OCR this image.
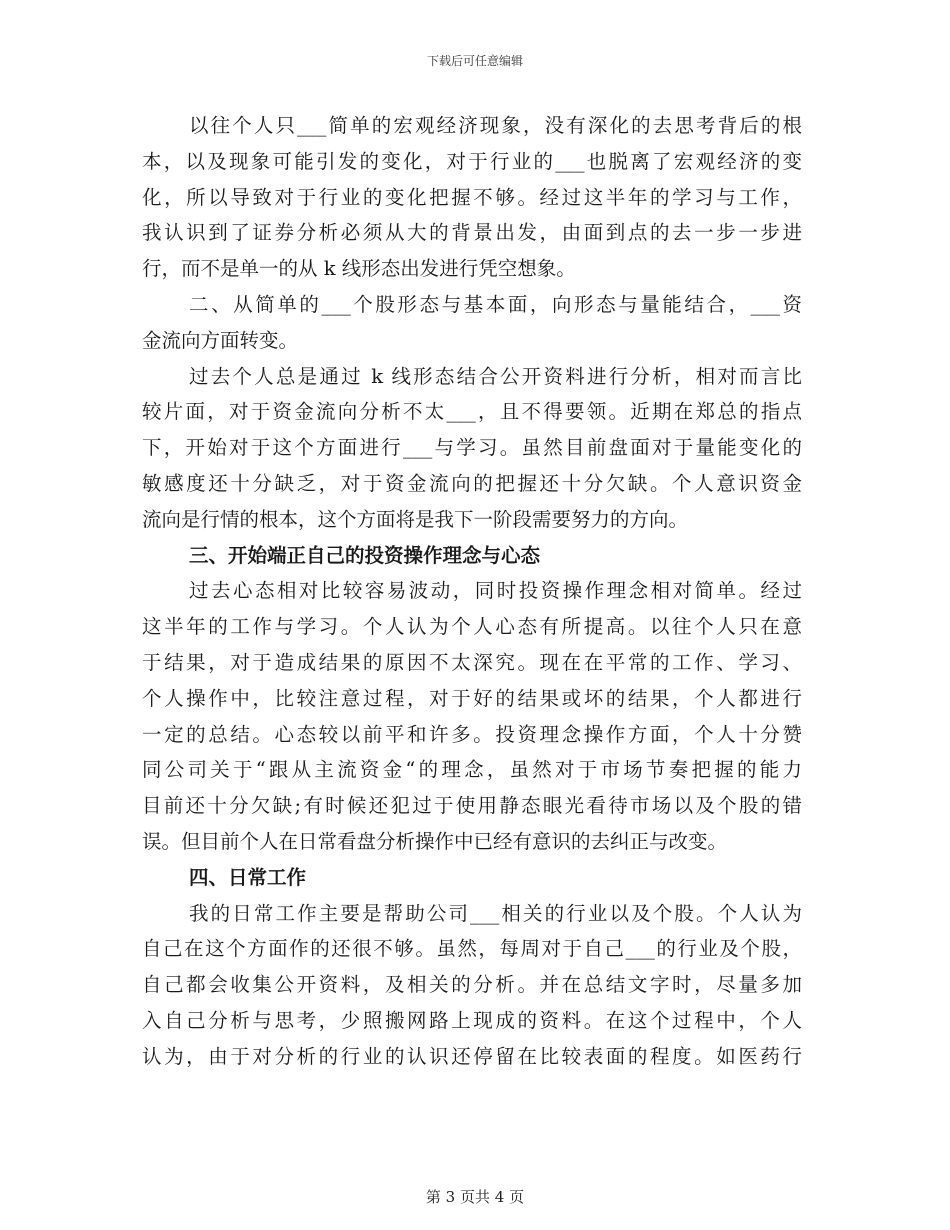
下载后可任意编辑
以往个人只___简单的宏观经济现象，没有深化的去思考背后的根
本，以及现象可能引发的变化，对于行业的___也脱离了宏观经济的变
化，所以导致对于行业的变化把握不够。经过这半年的学习与工作，
我认识到了证券分析必须从大的背景出发，由面到点的去一步一步进
行，而不是单一的从 k 线形态出发进行凭空想象。
二、从简单的___个股形态与基本面，向形态与量能结合，___资
金流向方面转变。
过去个人总是通过 k 线形态结合公开资料进行分析，相对而言比
较片面，对于资金流向分析不太___，且不得要领。近期在郑总的指点
下，开始对于这个方面进行___与学习。虽然目前盘面对于量能变化的
敏感度还十分缺乏，对于资金流向的把握还十分欠缺。个人意识资金
流向是行情的根本，这个方面将是我下一阶段需要努力的方向。
三、开始端正自己的投资操作理念与心态
过去心态相对比较容易波动，同时投资操作理念相对简单。经过
这半年的工作与学习。个人认为个人心态有所提高。以往个人只在意
于结果，对于造成结果的原因不太深究。现在在平常的工作、学习、
个人操作中，比较注意过程，对于好的结果或坏的结果，个人都进行
一定的总结。心态较以前平和许多。投资理念操作方面，个人十分赞
同公司关于“跟从主流资金“的理念，虽然对于市场节奏把握的能力
目前还十分欠缺;有时候还犯过于使用静态眼光看待市场以及个股的错
误。但目前个人在日常看盘分析操作中已经有意识的去纠正与改变。
四、日常工作
我的日常工作主要是帮助公司___相关的行业以及个股。个人认为
自己在这个方面作的还很不够。虽然，每周对于自己___的行业及个股，
自己都会收集公开资料，及相关的分析。并在总结文字时，尽量多加
入自己分析与思考，少照搬网路上现成的资料。在这个过程中，个人
认为，由于对分析的行业的认识还停留在比较表面的程度。如医药行
第 3 页共 4 页
